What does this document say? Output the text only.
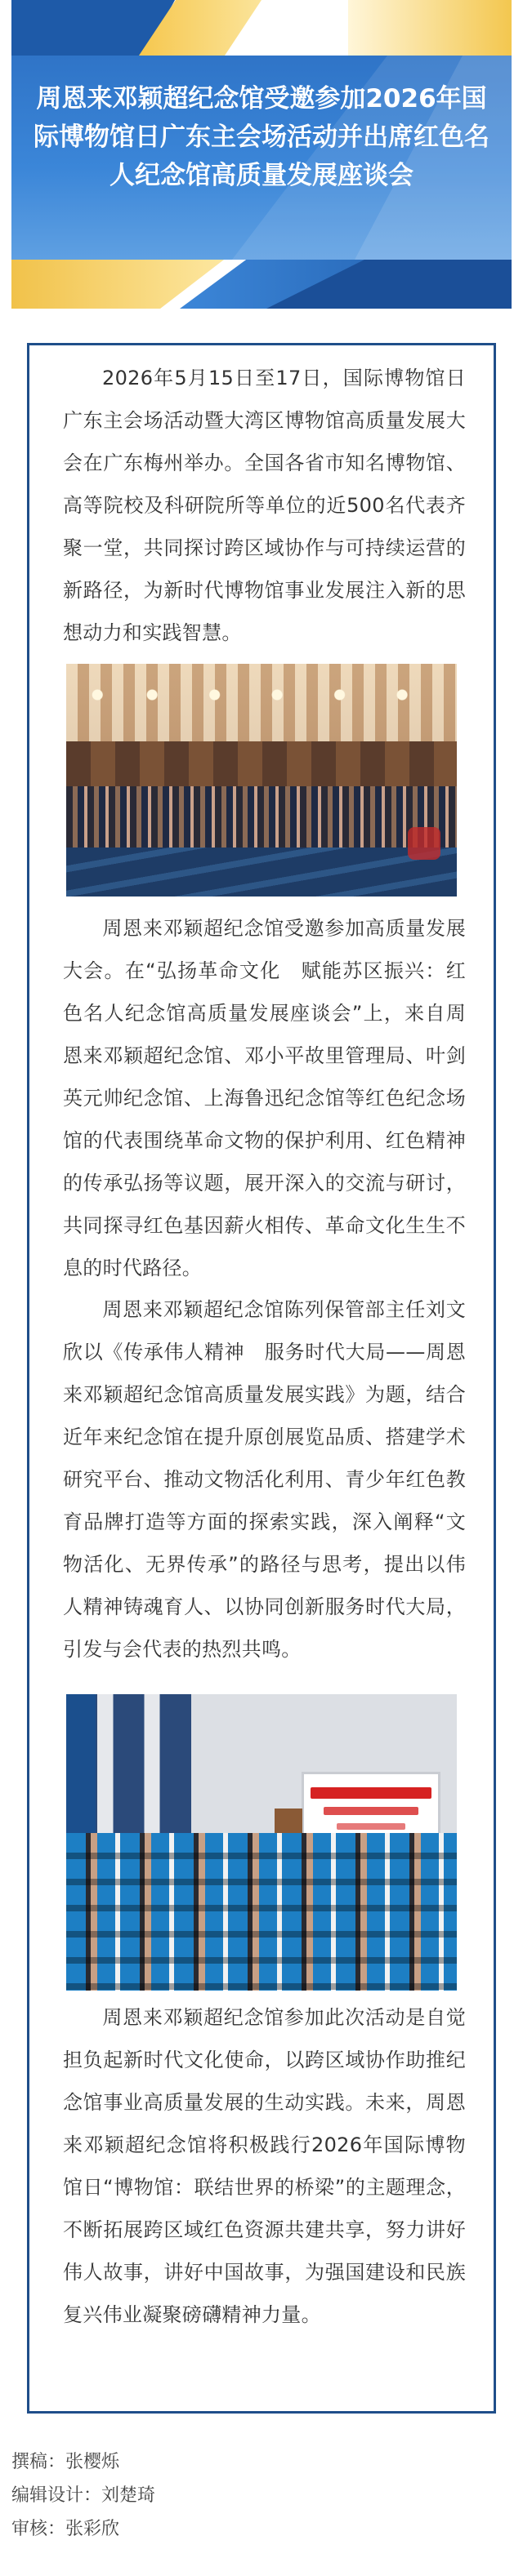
周恩来邓颖超纪念馆受邀参加2026年国际博物馆日广东主会场活动并出席红色名人纪念馆高质量发展座谈会

2026年5月15日至17日，国际博物馆日广东主会场活动暨大湾区博物馆高质量发展大会在广东梅州举办。全国各省市知名博物馆、高等院校及科研院所等单位的近500名代表齐聚一堂，共同探讨跨区域协作与可持续运营的新路径，为新时代博物馆事业发展注入新的思想动力和实践智慧。

周恩来邓颖超纪念馆受邀参加高质量发展大会。在“弘扬革命文化　赋能苏区振兴：红色名人纪念馆高质量发展座谈会”上，来自周恩来邓颖超纪念馆、邓小平故里管理局、叶剑英元帅纪念馆、上海鲁迅纪念馆等红色纪念场馆的代表围绕革命文物的保护利用、红色精神的传承弘扬等议题，展开深入的交流与研讨，共同探寻红色基因薪火相传、革命文化生生不息的时代路径。

周恩来邓颖超纪念馆陈列保管部主任刘文欣以《传承伟人精神　服务时代大局——周恩来邓颖超纪念馆高质量发展实践》为题，结合近年来纪念馆在提升原创展览品质、搭建学术研究平台、推动文物活化利用、青少年红色教育品牌打造等方面的探索实践，深入阐释“文物活化、无界传承”的路径与思考，提出以伟人精神铸魂育人、以协同创新服务时代大局，引发与会代表的热烈共鸣。

周恩来邓颖超纪念馆参加此次活动是自觉担负起新时代文化使命，以跨区域协作助推纪念馆事业高质量发展的生动实践。未来，周恩来邓颖超纪念馆将积极践行2026年国际博物馆日“博物馆：联结世界的桥梁”的主题理念，不断拓展跨区域红色资源共建共享，努力讲好伟人故事，讲好中国故事，为强国建设和民族复兴伟业凝聚磅礴精神力量。

撰稿：张樱烁
编辑设计：刘楚琦
审核：张彩欣
